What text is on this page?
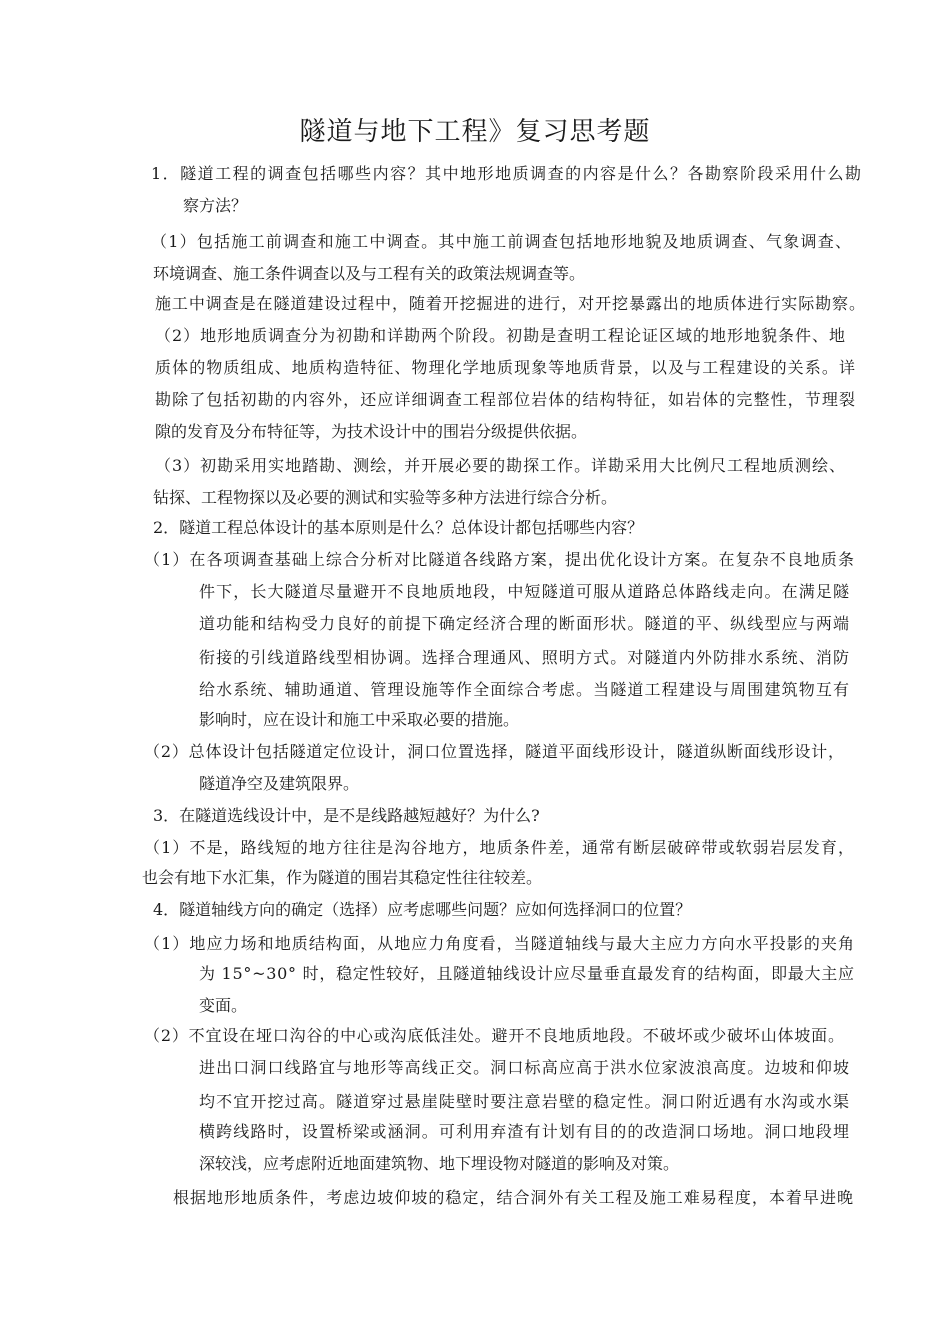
隧道与地下工程》复习思考题
1．隧道工程的调查包括哪些内容？其中地形地质调查的内容是什么？各勘察阶段采用什么勘
察方法？
（1）包括施工前调查和施工中调查。其中施工前调查包括地形地貌及地质调查、气象调查、
环境调查、施工条件调查以及与工程有关的政策法规调查等。
施工中调查是在隧道建设过程中，随着开挖掘进的进行，对开挖暴露出的地质体进行实际勘察。
（2）地形地质调查分为初勘和详勘两个阶段。初勘是查明工程论证区域的地形地貌条件、地
质体的物质组成、地质构造特征、物理化学地质现象等地质背景，以及与工程建设的关系。详
勘除了包括初勘的内容外，还应详细调查工程部位岩体的结构特征，如岩体的完整性，节理裂
隙的发育及分布特征等，为技术设计中的围岩分级提供依据。
（3）初勘采用实地踏勘、测绘，并开展必要的勘探工作。详勘采用大比例尺工程地质测绘、
钻探、工程物探以及必要的测试和实验等多种方法进行综合分析。
2．隧道工程总体设计的基本原则是什么？总体设计都包括哪些内容？
（1）在各项调查基础上综合分析对比隧道各线路方案，提出优化设计方案。在复杂不良地质条
件下，长大隧道尽量避开不良地质地段，中短隧道可服从道路总体路线走向。在满足隧
道功能和结构受力良好的前提下确定经济合理的断面形状。隧道的平、纵线型应与两端
衔接的引线道路线型相协调。选择合理通风、照明方式。对隧道内外防排水系统、消防
给水系统、辅助通道、管理设施等作全面综合考虑。当隧道工程建设与周围建筑物互有
影响时，应在设计和施工中采取必要的措施。
（2）总体设计包括隧道定位设计，洞口位置选择，隧道平面线形设计，隧道纵断面线形设计，
隧道净空及建筑限界。
3．在隧道选线设计中，是不是线路越短越好？为什么?
（1）不是，路线短的地方往往是沟谷地方，地质条件差，通常有断层破碎带或软弱岩层发育，
也会有地下水汇集，作为隧道的围岩其稳定性往往较差。
4．隧道轴线方向的确定（选择）应考虑哪些问题？应如何选择洞口的位置？
（1）地应力场和地质结构面，从地应力角度看，当隧道轴线与最大主应力方向水平投影的夹角
为 15°~30° 时，稳定性较好，且隧道轴线设计应尽量垂直最发育的结构面，即最大主应
变面。
（2）不宜设在垭口沟谷的中心或沟底低洼处。避开不良地质地段。不破坏或少破坏山体坡面。
进出口洞口线路宜与地形等高线正交。洞口标高应高于洪水位家波浪高度。边坡和仰坡
均不宜开挖过高。隧道穿过悬崖陡壁时要注意岩壁的稳定性。洞口附近遇有水沟或水渠
横跨线路时，设置桥梁或涵洞。可利用弃渣有计划有目的的改造洞口场地。洞口地段埋
深较浅，应考虑附近地面建筑物、地下埋设物对隧道的影响及对策。
根据地形地质条件，考虑边坡仰坡的稳定，结合洞外有关工程及施工难易程度，本着早进晚
